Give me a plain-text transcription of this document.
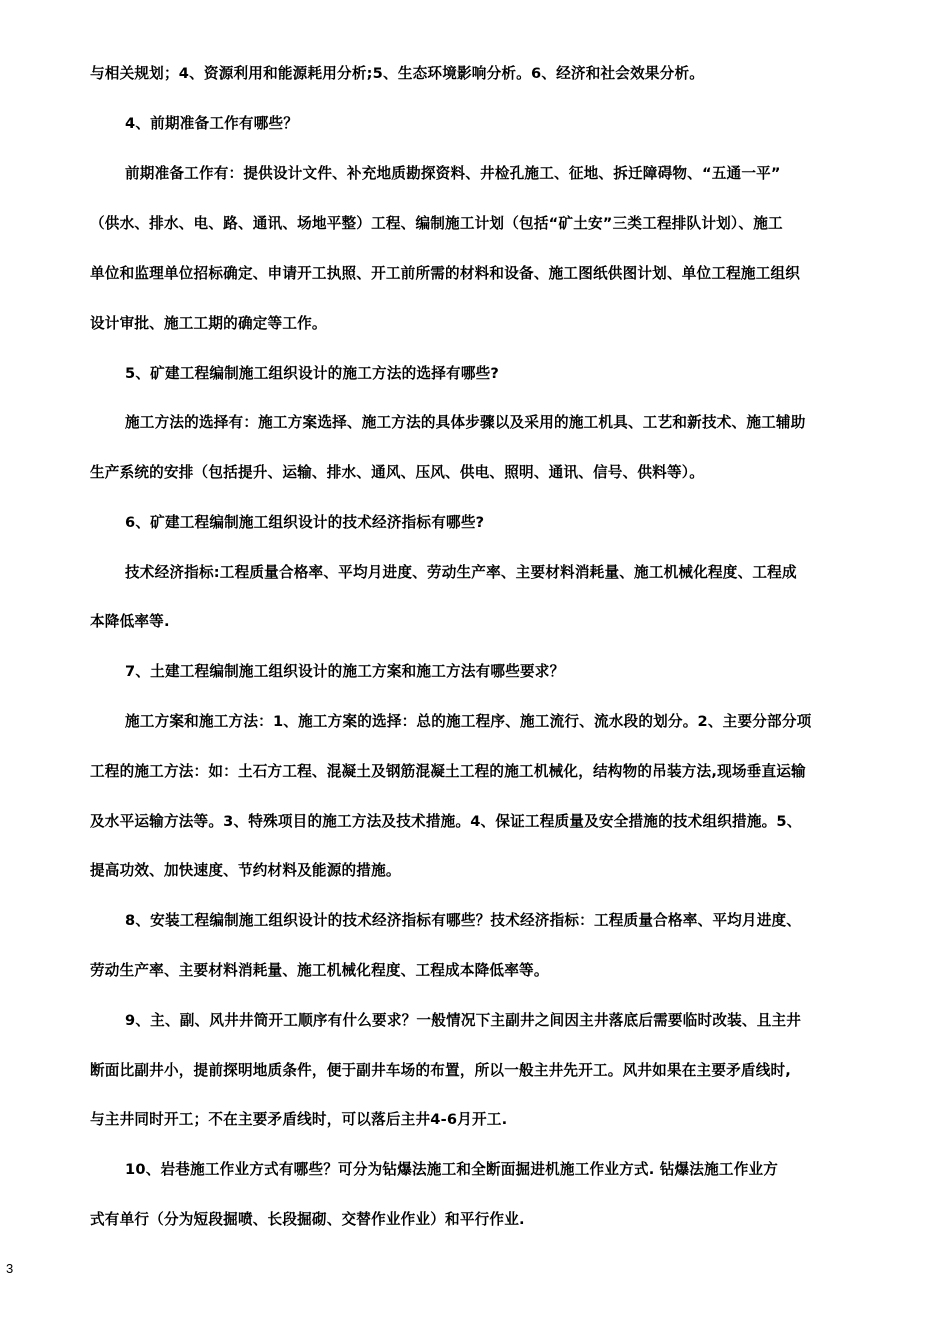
与相关规划；4、资源利用和能源耗用分析;5、生态环境影响分析。6、经济和社会效果分析。
4、前期准备工作有哪些？
前期准备工作有：提供设计文件、补充地质勘探资料、井检孔施工、征地、拆迁障碍物、“五通一平”
（供水、排水、电、路、通讯、场地平整）工程、编制施工计划（包括“矿土安”三类工程排队计划）、施工
单位和监理单位招标确定、申请开工执照、开工前所需的材料和设备、施工图纸供图计划、单位工程施工组织
设计审批、施工工期的确定等工作。
5、矿建工程编制施工组织设计的施工方法的选择有哪些?
施工方法的选择有：施工方案选择、施工方法的具体步骤以及采用的施工机具、工艺和新技术、施工辅助
生产系统的安排（包括提升、运输、排水、通风、压风、供电、照明、通讯、信号、供料等）。
6、矿建工程编制施工组织设计的技术经济指标有哪些?
技术经济指标:工程质量合格率、平均月进度、劳动生产率、主要材料消耗量、施工机械化程度、工程成
本降低率等.
7、土建工程编制施工组织设计的施工方案和施工方法有哪些要求？
施工方案和施工方法：1、施工方案的选择：总的施工程序、施工流行、流水段的划分。2、主要分部分项
工程的施工方法：如：土石方工程、混凝土及钢筋混凝土工程的施工机械化，结构物的吊装方法,现场垂直运输
及水平运输方法等。3、特殊项目的施工方法及技术措施。4、保证工程质量及安全措施的技术组织措施。5、
提高功效、加快速度、节约材料及能源的措施。
8、安装工程编制施工组织设计的技术经济指标有哪些？技术经济指标：工程质量合格率、平均月进度、
劳动生产率、主要材料消耗量、施工机械化程度、工程成本降低率等。
9、主、副、风井井筒开工顺序有什么要求？一般情况下主副井之间因主井落底后需要临时改装、且主井
断面比副井小，提前探明地质条件，便于副井车场的布置，所以一般主井先开工。风井如果在主要矛盾线时,
与主井同时开工；不在主要矛盾线时，可以落后主井4-6月开工.
10、岩巷施工作业方式有哪些？可分为钻爆法施工和全断面掘进机施工作业方式. 钻爆法施工作业方
式有单行（分为短段掘喷、长段掘砌、交替作业作业）和平行作业.
3
